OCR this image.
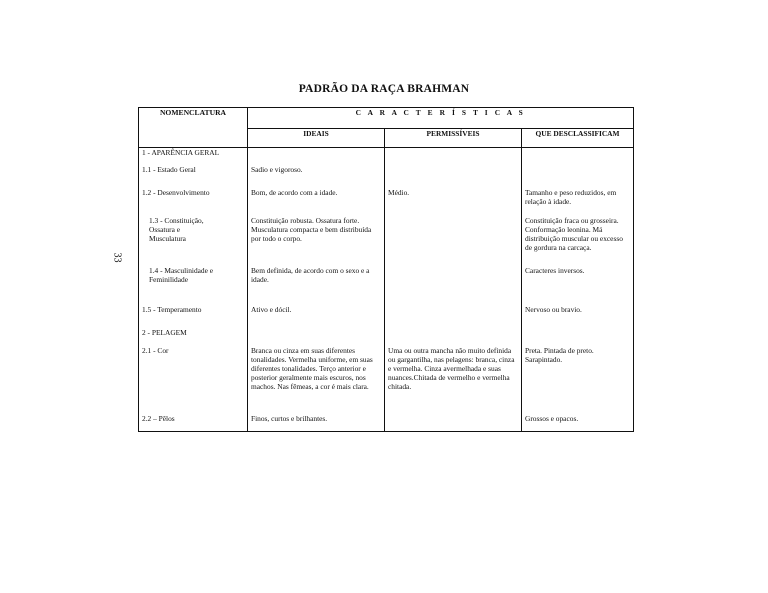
PADRÃO DA RAÇA BRAHMAN
33
NOMENCLATURA	C A R A C T E R Í S T I C A S		
	IDEAIS	PERMISSÍVEIS	QUE DESCLASSIFICAM
1 - APARÊNCIA GERAL			
1.1 - Estado Geral	Sadio e vigoroso.		
1.2 - Desenvolvimento	Bom, de acordo com a idade.	Médio.	Tamanho e peso reduzidos, em relação à idade.
1.3 - Constituição,
Ossatura e
Musculatura	Constituição robusta. Ossatura forte. Musculatura compacta e bem distribuída por todo o corpo.		Constituição fraca ou grosseira. Conformação leonina. Má distribuição muscular ou excesso de gordura na carcaça.
1.4 - Masculinidade e
Feminilidade	Bem definida, de acordo com o sexo e a idade.		Caracteres inversos.
1.5 - Temperamento	Ativo e dócil.		Nervoso ou bravio.
2 - PELAGEM			
2.1 - Cor	Branca ou cinza em suas diferentes tonalidades. Vermelha uniforme, em suas diferentes tonalidades. Terço anterior e posterior geralmente mais escuros, nos machos. Nas fêmeas, a cor é mais clara.	Uma ou outra mancha não muito definida ou gargantilha, nas pelagens: branca, cinza e vermelha. Cinza avermelhada e suas nuances.Chitada de vermelho e vermelha chitada.	Preta. Pintada de preto. Sarapintado.
2.2 – Pêlos	Finos, curtos e brilhantes.		Grossos e opacos.
